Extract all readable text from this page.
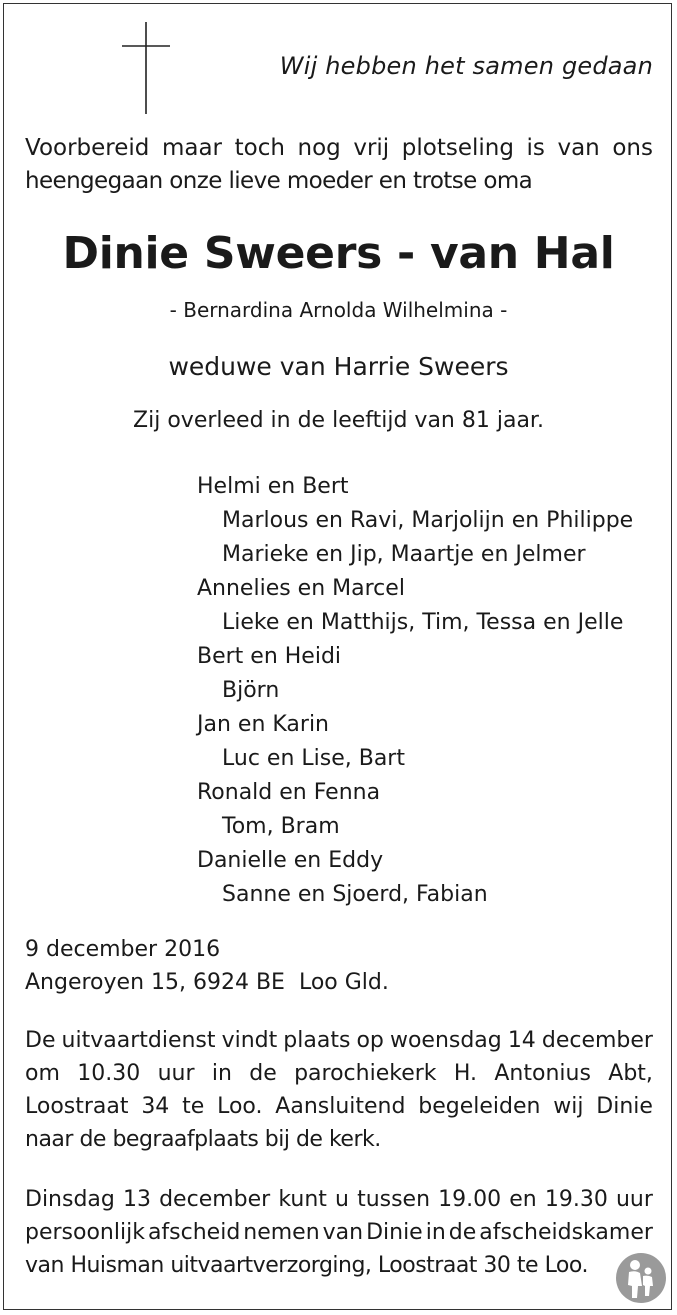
Wij hebben het samen gedaan
Voorbereid maar toch nog vrij plotseling is van ons
heengegaan onze lieve moeder en trotse oma
Dinie Sweers - van Hal
- Bernardina Arnolda Wilhelmina -
weduwe van Harrie Sweers
Zij overleed in de leeftijd van 81 jaar.
Helmi en Bert
Marlous en Ravi, Marjolijn en Philippe
Marieke en Jip, Maartje en Jelmer
Annelies en Marcel
Lieke en Matthijs, Tim, Tessa en Jelle
Bert en Heidi
Björn
Jan en Karin
Luc en Lise, Bart
Ronald en Fenna
Tom, Bram
Danielle en Eddy
Sanne en Sjoerd, Fabian
9 december 2016
Angeroyen 15, 6924 BE  Loo Gld.
De uitvaartdienst vindt plaats op woensdag 14 december
om 10.30 uur in de parochiekerk H. Antonius Abt,
Loostraat 34 te Loo. Aansluitend begeleiden wij Dinie
naar de begraafplaats bij de kerk.
Dinsdag 13 december kunt u tussen 19.00 en 19.30 uur
persoonlijk afscheid nemen van Dinie in de afscheidskamer
van Huisman uitvaartverzorging, Loostraat 30 te Loo.
